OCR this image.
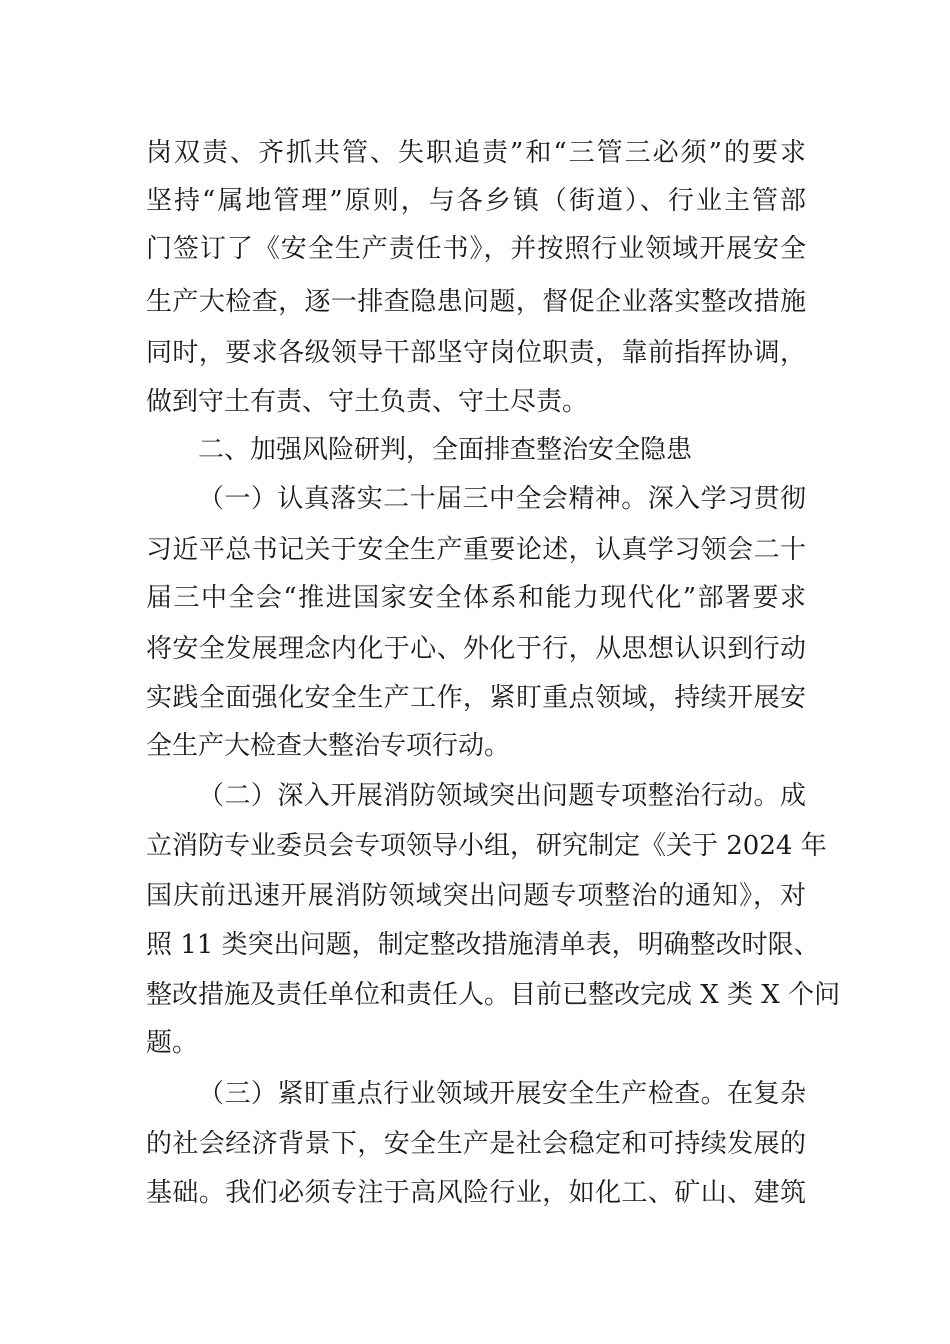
岗双责、齐抓共管、失职追责”和“三管三必须”的要求
坚持“属地管理”原则，与各乡镇（街道）、行业主管部
门签订了《安全生产责任书》，并按照行业领域开展安全
生产大检查，逐一排查隐患问题，督促企业落实整改措施
同时，要求各级领导干部坚守岗位职责，靠前指挥协调，
做到守土有责、守土负责、守土尽责。
二、加强风险研判，全面排查整治安全隐患
（一）认真落实二十届三中全会精神。深入学习贯彻
习近平总书记关于安全生产重要论述，认真学习领会二十
届三中全会“推进国家安全体系和能力现代化”部署要求
将安全发展理念内化于心、外化于行，从思想认识到行动
实践全面强化安全生产工作，紧盯重点领域，持续开展安
全生产大检查大整治专项行动。
（二）深入开展消防领域突出问题专项整治行动。成
立消防专业委员会专项领导小组，研究制定《关于 2024 年
国庆前迅速开展消防领域突出问题专项整治的通知》，对
照 11 类突出问题，制定整改措施清单表，明确整改时限、
整改措施及责任单位和责任人。目前已整改完成 X 类 X 个问
题。
（三）紧盯重点行业领域开展安全生产检查。在复杂
的社会经济背景下，安全生产是社会稳定和可持续发展的
基础。我们必须专注于高风险行业，如化工、矿山、建筑
